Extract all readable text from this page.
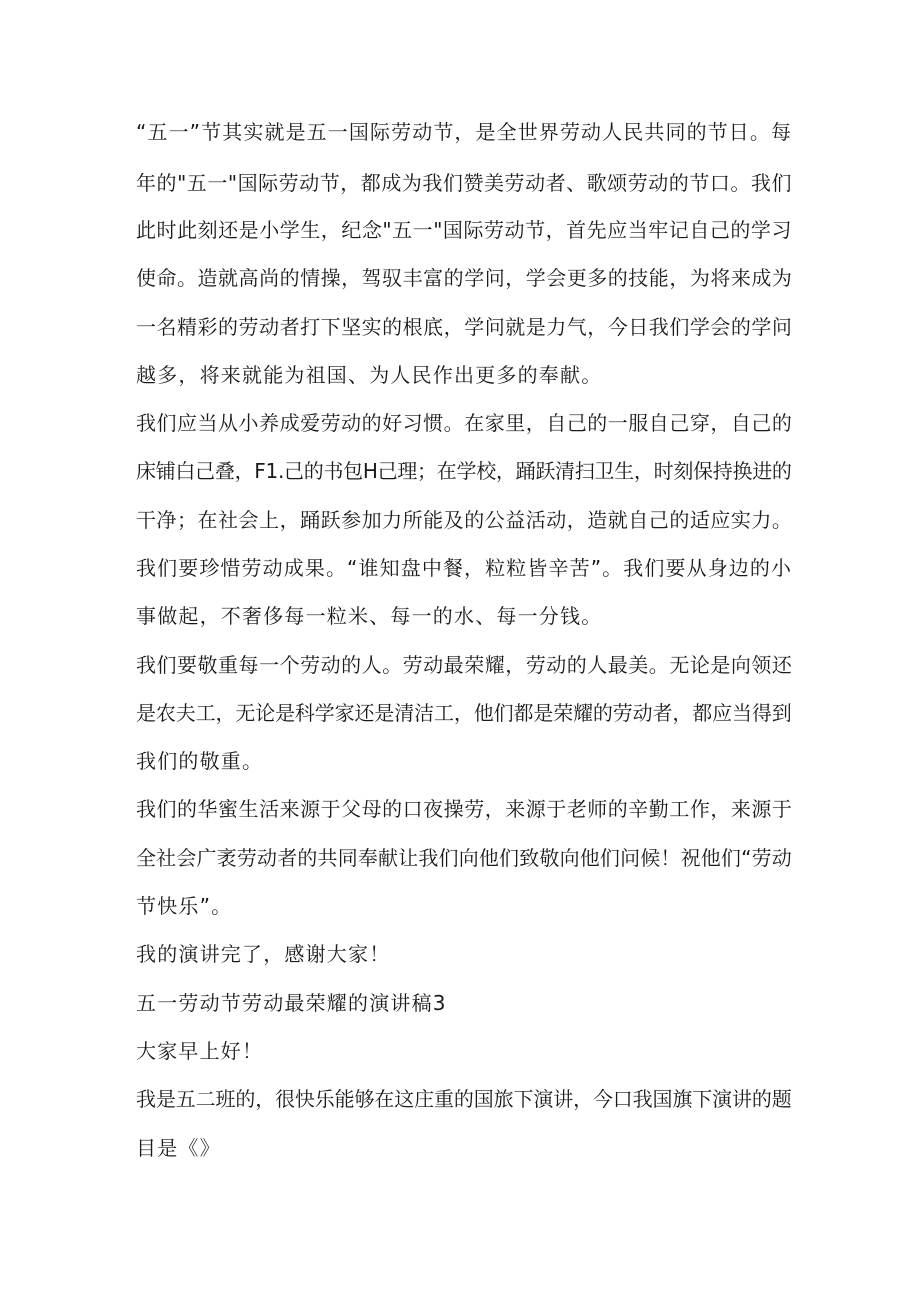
“五一”节其实就是五一国际劳动节，是全世界劳动人民共同的节日。每
年的"五一"国际劳动节，都成为我们赞美劳动者、歌颂劳动的节口。我们
此时此刻还是小学生，纪念"五一"国际劳动节，首先应当牢记自己的学习
使命。造就高尚的情操，驾驭丰富的学问，学会更多的技能，为将来成为
一名精彩的劳动者打下坚实的根底，学问就是力气，今日我们学会的学问
越多，将来就能为祖国、为人民作出更多的奉献。
我们应当从小养成爱劳动的好习惯。在家里，自己的一服自己穿，自己的
床铺白己叠，F1.己的书包H己理；在学校，踊跃清扫卫生，时刻保持换进的
干净；在社会上，踊跃参加力所能及的公益活动，造就自己的适应实力。
我们要珍惜劳动成果。“谁知盘中餐，粒粒皆辛苦”。我们要从身边的小
事做起，不奢侈每一粒米、每一的水、每一分钱。
我们要敬重每一个劳动的人。劳动最荣耀，劳动的人最美。无论是向领还
是农夫工，无论是科学家还是清洁工，他们都是荣耀的劳动者，都应当得到
我们的敬重。
我们的华蜜生活来源于父母的口夜操劳，来源于老师的辛勤工作，来源于
全社会广袤劳动者的共同奉献让我们向他们致敬向他们问候！祝他们“劳动
节快乐”。
我的演讲完了，感谢大家！
五一劳动节劳动最荣耀的演讲稿3
大家早上好！
我是五二班的，很快乐能够在这庄重的国旅下演讲，今口我国旗下演讲的题
目是《》
